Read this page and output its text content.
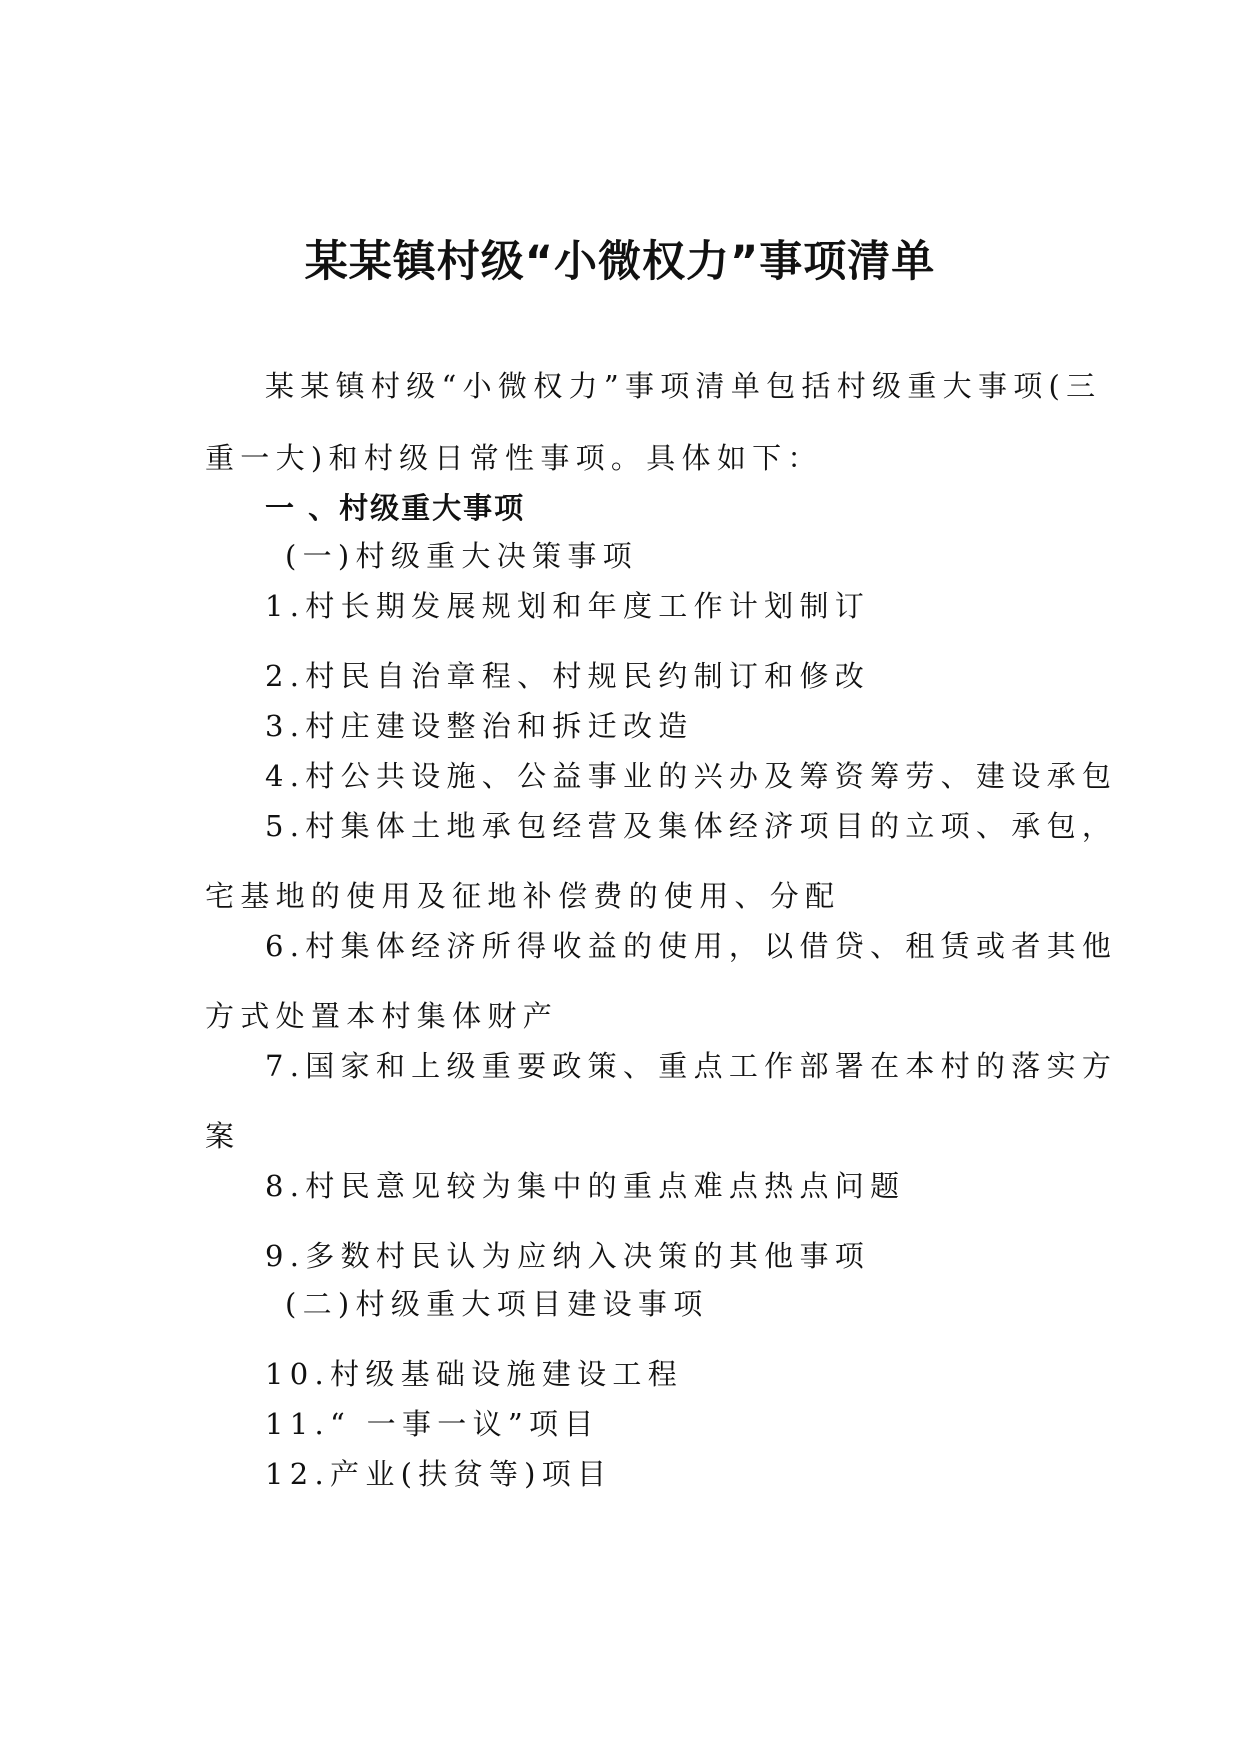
某某镇村级“小微权力”事项清单
某某镇村级“小微权力”事项清单包括村级重大事项(三
重一大)和村级日常性事项。具体如下：
一 、村级重大事项
(一)村级重大决策事项
1.村长期发展规划和年度工作计划制订
2.村民自治章程、村规民约制订和修改
3.村庄建设整治和拆迁改造
4.村公共设施、公益事业的兴办及筹资筹劳、建设承包
5.村集体土地承包经营及集体经济项目的立项、承包，
宅基地的使用及征地补偿费的使用、分配
6.村集体经济所得收益的使用，以借贷、租赁或者其他
方式处置本村集体财产
7.国家和上级重要政策、重点工作部署在本村的落实方
案
8.村民意见较为集中的重点难点热点问题
9.多数村民认为应纳入决策的其他事项
(二)村级重大项目建设事项
10.村级基础设施建设工程
11.“ 一事一议”项目
12.产业(扶贫等)项目
